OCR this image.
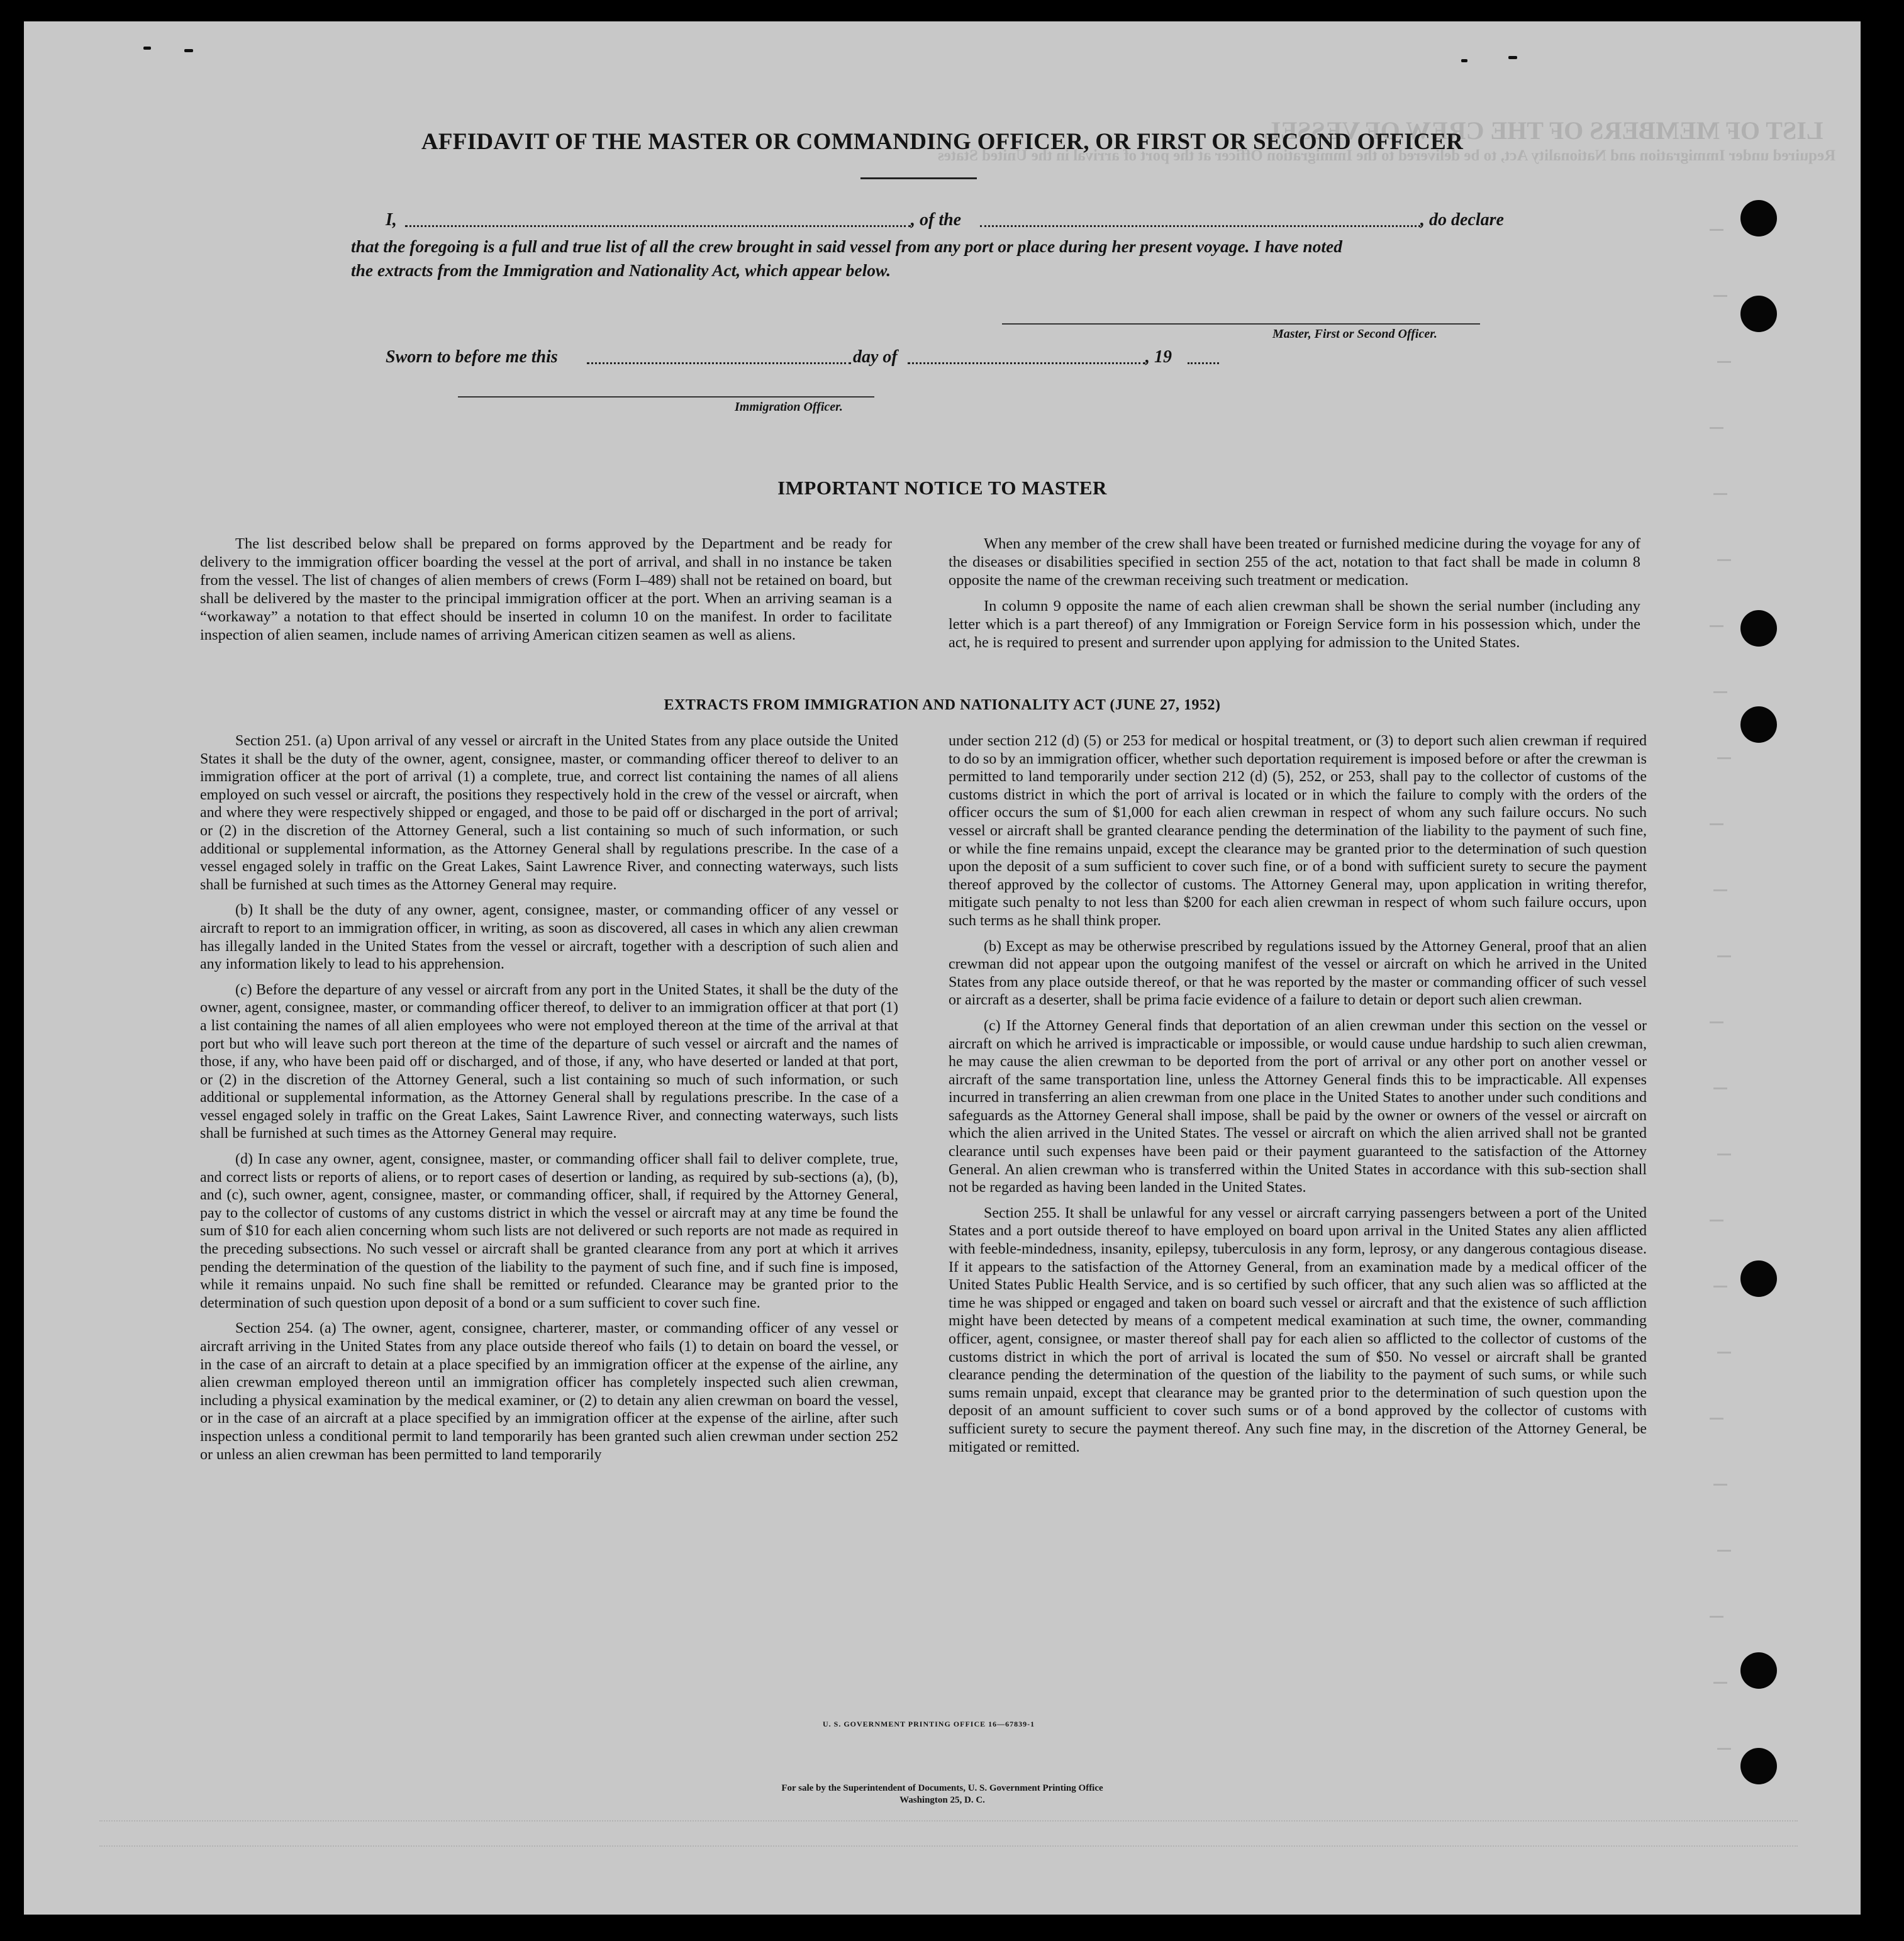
LIST OF MEMBERS OF THE CREW OF VESSEL
Required under Immigration and Nationality Act, to be delivered to the Immigration Officer at the port of arrival in the United States
AFFIDAVIT OF THE MASTER OR COMMANDING OFFICER, OR FIRST OR SECOND OFFICER
I,	, of the	, do declare
that the foregoing is a full and true list of all the crew brought in said vessel from any port or place during her present voyage. I have noted
the extracts from the Immigration and Nationality Act, which appear below.
Master, First or Second Officer.
Sworn to before me this	day of	, 19
Immigration Officer.
IMPORTANT NOTICE TO MASTER

The list described below shall be prepared on forms approved by the Department and be ready for delivery to the immigration officer boarding the vessel at the port of arrival, and shall in no instance be taken from the vessel. The list of changes of alien members of crews (Form I–489) shall not be retained on board, but shall be delivered by the master to the principal immigration officer at the port. When an arriving seaman is a “workaway” a notation to that effect should be inserted in column 10 on the manifest. In order to facilitate inspection of alien seamen, include names of arriving American citizen seamen as well as aliens.

When any member of the crew shall have been treated or furnished medicine during the voyage for any of the diseases or disabilities specified in section 255 of the act, notation to that fact shall be made in column 8 opposite the name of the crewman receiving such treatment or medication.

In column 9 opposite the name of each alien crewman shall be shown the serial number (including any letter which is a part thereof) of any Immigration or Foreign Service form in his possession which, under the act, he is required to present and surrender upon applying for admission to the United States.

EXTRACTS FROM IMMIGRATION AND NATIONALITY ACT (JUNE 27, 1952)

Section 251. (a) Upon arrival of any vessel or aircraft in the United States from any place outside the United States it shall be the duty of the owner, agent, consignee, master, or commanding officer thereof to deliver to an immigration officer at the port of arrival (1) a complete, true, and correct list containing the names of all aliens employed on such vessel or aircraft, the positions they respectively hold in the crew of the vessel or aircraft, when and where they were respectively shipped or engaged, and those to be paid off or discharged in the port of arrival; or (2) in the discretion of the Attorney General, such a list containing so much of such information, or such additional or supplemental information, as the Attorney General shall by regulations prescribe. In the case of a vessel engaged solely in traffic on the Great Lakes, Saint Lawrence River, and connecting waterways, such lists shall be furnished at such times as the Attorney General may require.

(b) It shall be the duty of any owner, agent, consignee, master, or commanding officer of any vessel or aircraft to report to an immigration officer, in writing, as soon as discovered, all cases in which any alien crewman has illegally landed in the United States from the vessel or aircraft, together with a description of such alien and any information likely to lead to his apprehension.

(c) Before the departure of any vessel or aircraft from any port in the United States, it shall be the duty of the owner, agent, consignee, master, or commanding officer thereof, to deliver to an immigration officer at that port (1) a list containing the names of all alien employees who were not employed thereon at the time of the arrival at that port but who will leave such port thereon at the time of the departure of such vessel or aircraft and the names of those, if any, who have been paid off or discharged, and of those, if any, who have deserted or landed at that port, or (2) in the discretion of the Attorney General, such a list containing so much of such information, or such additional or supplemental information, as the Attorney General shall by regulations prescribe. In the case of a vessel engaged solely in traffic on the Great Lakes, Saint Lawrence River, and connecting waterways, such lists shall be furnished at such times as the Attorney General may require.

(d) In case any owner, agent, consignee, master, or commanding officer shall fail to deliver complete, true, and correct lists or reports of aliens, or to report cases of desertion or landing, as required by sub-sections (a), (b), and (c), such owner, agent, consignee, master, or commanding officer, shall, if required by the Attorney General, pay to the collector of customs of any customs district in which the vessel or aircraft may at any time be found the sum of $10 for each alien concerning whom such lists are not delivered or such reports are not made as required in the preceding subsections. No such vessel or aircraft shall be granted clearance from any port at which it arrives pending the determination of the question of the liability to the payment of such fine, and if such fine is imposed, while it remains unpaid. No such fine shall be remitted or refunded. Clearance may be granted prior to the determination of such question upon deposit of a bond or a sum sufficient to cover such fine.

Section 254. (a) The owner, agent, consignee, charterer, master, or commanding officer of any vessel or aircraft arriving in the United States from any place outside thereof who fails (1) to detain on board the vessel, or in the case of an aircraft to detain at a place specified by an immigration officer at the expense of the airline, any alien crewman employed thereon until an immigration officer has completely inspected such alien crewman, including a physical examination by the medical examiner, or (2) to detain any alien crewman on board the vessel, or in the case of an aircraft at a place specified by an immigration officer at the expense of the airline, after such inspection unless a conditional permit to land temporarily has been granted such alien crewman under section 252 or unless an alien crewman has been permitted to land temporarily

under section 212 (d) (5) or 253 for medical or hospital treatment, or (3) to deport such alien crewman if required to do so by an immigration officer, whether such deportation requirement is imposed before or after the crewman is permitted to land temporarily under section 212 (d) (5), 252, or 253, shall pay to the collector of customs of the customs district in which the port of arrival is located or in which the failure to comply with the orders of the officer occurs the sum of $1,000 for each alien crewman in respect of whom any such failure occurs. No such vessel or aircraft shall be granted clearance pending the determination of the liability to the payment of such fine, or while the fine remains unpaid, except the clearance may be granted prior to the determination of such question upon the deposit of a sum sufficient to cover such fine, or of a bond with sufficient surety to secure the payment thereof approved by the collector of customs. The Attorney General may, upon application in writing therefor, mitigate such penalty to not less than $200 for each alien crewman in respect of whom such failure occurs, upon such terms as he shall think proper.

(b) Except as may be otherwise prescribed by regulations issued by the Attorney General, proof that an alien crewman did not appear upon the outgoing manifest of the vessel or aircraft on which he arrived in the United States from any place outside thereof, or that he was reported by the master or commanding officer of such vessel or aircraft as a deserter, shall be prima facie evidence of a failure to detain or deport such alien crewman.

(c) If the Attorney General finds that deportation of an alien crewman under this section on the vessel or aircraft on which he arrived is impracticable or impossible, or would cause undue hardship to such alien crewman, he may cause the alien crewman to be deported from the port of arrival or any other port on another vessel or aircraft of the same transportation line, unless the Attorney General finds this to be impracticable. All expenses incurred in transferring an alien crewman from one place in the United States to another under such conditions and safeguards as the Attorney General shall impose, shall be paid by the owner or owners of the vessel or aircraft on which the alien arrived in the United States. The vessel or aircraft on which the alien arrived shall not be granted clearance until such expenses have been paid or their payment guaranteed to the satisfaction of the Attorney General. An alien crewman who is transferred within the United States in accordance with this sub-section shall not be regarded as having been landed in the United States.

Section 255. It shall be unlawful for any vessel or aircraft carrying passengers between a port of the United States and a port outside thereof to have employed on board upon arrival in the United States any alien afflicted with feeble-mindedness, insanity, epilepsy, tuberculosis in any form, leprosy, or any dangerous contagious disease. If it appears to the satisfaction of the Attorney General, from an examination made by a medical officer of the United States Public Health Service, and is so certified by such officer, that any such alien was so afflicted at the time he was shipped or engaged and taken on board such vessel or aircraft and that the existence of such affliction might have been detected by means of a competent medical examination at such time, the owner, commanding officer, agent, consignee, or master thereof shall pay for each alien so afflicted to the collector of customs of the customs district in which the port of arrival is located the sum of $50. No vessel or aircraft shall be granted clearance pending the determination of the question of the liability to the payment of such sums, or while such sums remain unpaid, except that clearance may be granted prior to the determination of such question upon the deposit of an amount sufficient to cover such sums or of a bond approved by the collector of customs with sufficient surety to secure the payment thereof. Any such fine may, in the discretion of the Attorney General, be mitigated or remitted.

U. S. GOVERNMENT PRINTING OFFICE 16—67839-1
For sale by the Superintendent of Documents, U. S. Government Printing Office
Washington 25, D. C.
